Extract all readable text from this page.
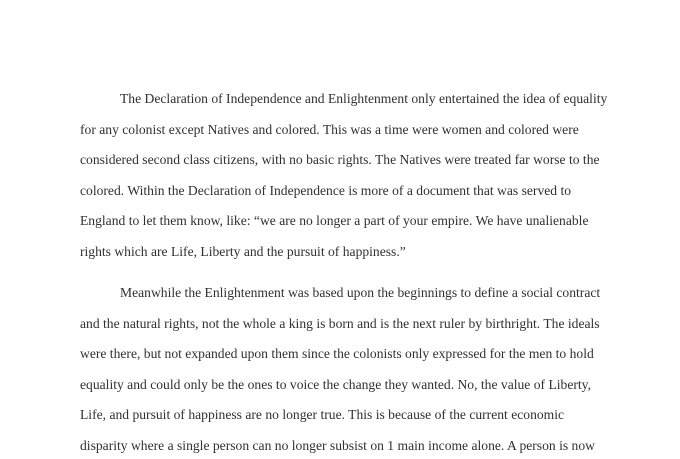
The Declaration of Independence and Enlightenment only entertained the idea of equality
for any colonist except Natives and colored. This was a time were women and colored were
considered second class citizens, with no basic rights. The Natives were treated far worse to the
colored. Within the Declaration of Independence is more of a document that was served to
England to let them know, like: “we are no longer a part of your empire. We have unalienable
rights which are Life, Liberty and the pursuit of happiness.”
Meanwhile the Enlightenment was based upon the beginnings to define a social contract
and the natural rights, not the whole a king is born and is the next ruler by birthright. The ideals
were there, but not expanded upon them since the colonists only expressed for the men to hold
equality and could only be the ones to voice the change they wanted. No, the value of Liberty,
Life, and pursuit of happiness are no longer true. This is because of the current economic
disparity where a single person can no longer subsist on 1 main income alone. A person is now
